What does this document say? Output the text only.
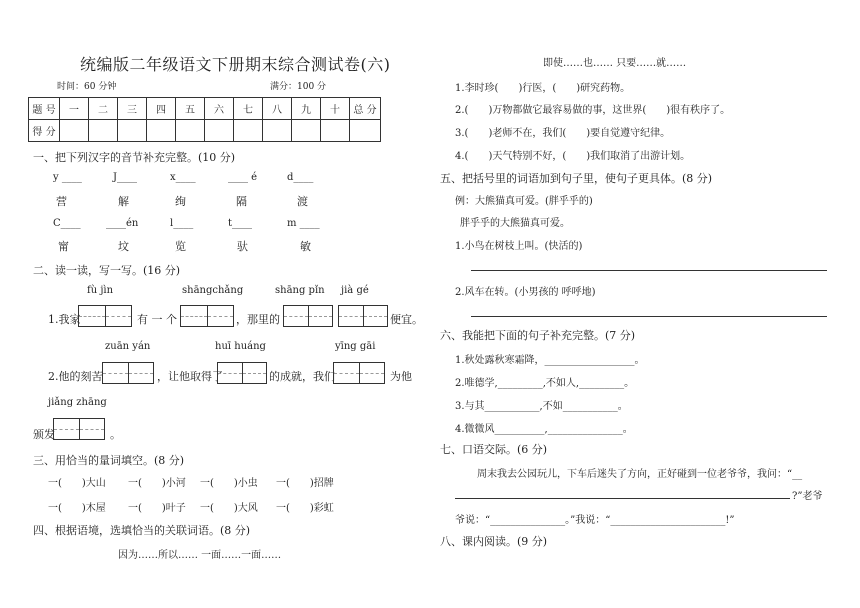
统编版二年级语文下册期末综合测试卷(六)
时间：60 分钟	满分：100 分
题 号	一	二	三	四	五	六	七	八	九	十	总 分
得 分											
一、把下列汉字的音节补充完整。(10 分)
y ____	J____	x____	____ é	d____
营	解	绚	隔	渡
C____	____én	l____	t____	m ____
甯	坟	览	驮	敏
二、读一读，写一写。(16 分)
fù jìn	shāngchǎng	shāng pǐn jià gé
1.我家	有 一 个	，那里的	便宜。
zuān yán	huī huáng	yīng gāi
2.他的刻苦	，让他取得了	的成就，我们	为他
jiǎng zhāng
颁发	。
三、用恰当的量词填空。(8 分)
一(　　)大山 一(　　)小河 一(　　)小虫 一(　　)招牌
一(　　)木屋 一(　　)叶子 一(　　)大风 一(　　)彩虹
四、根据语境，选填恰当的关联词语。(8 分)
因为……所以…… 一面……一面……
即使……也…… 只要……就……
1.李时珍(　　)行医，(　　)研究药物。
2.(　　)万物都做它最容易做的事，这世界(　　)很有秩序了。
3.(　　)老师不在，我们(　　)要自觉遵守纪律。
4.(　　)天气特别不好，(　　)我们取消了出游计划。
五、把括号里的词语加到句子里，使句子更具体。(8 分)
例：大熊猫真可爱。(胖乎乎的)
胖乎乎的大熊猫真可爱。
1.小鸟在树枝上叫。(快活的)
2.风车在转。(小男孩的 呼呼地)
六、我能把下面的句子补充完整。(7 分)
1.秋处露秋寒霜降，__________________。
2.唯德学,_________,不如人,_________。
3.与其___________,不如___________。
4.微微风__________,_______________。
七、口语交际。(6 分)
周末我去公园玩儿，下车后迷失了方向，正好碰到一位老爷爷，我问：“__
?”老爷
爷说：“_______________。”我说：“_______________________!”
八、课内阅读。(9 分)
